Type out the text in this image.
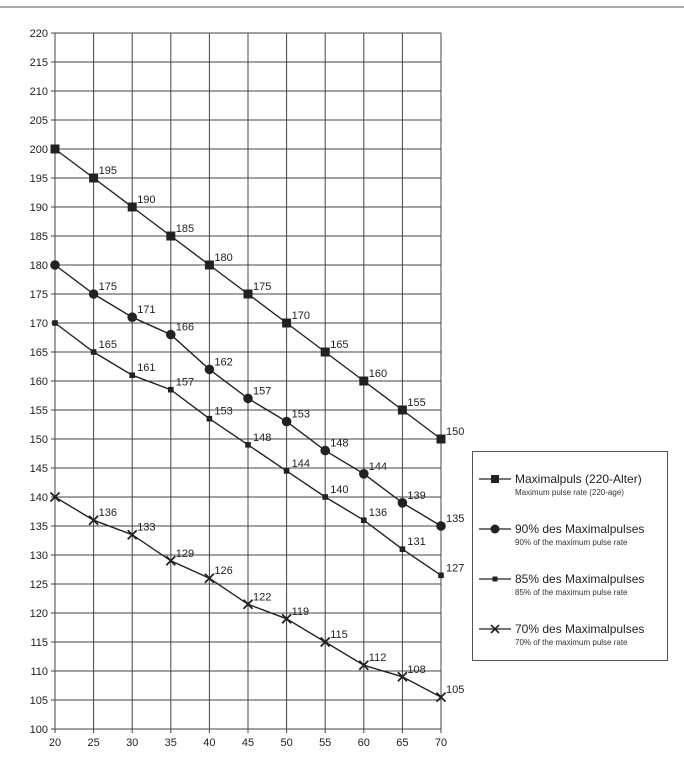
100
105
110
115
120
125
130
135
140
145
150
155
160
165
170
175
180
185
190
195
200
205
210
215
220
20 25 30 35 40 45 50 55 60 65 70
195
190
185
180
175
170
165
160
155
150
175
171
166
162
157
153
148
144
139
135
165
161
157
153
148
144
140
136
131
127
136
133
129
126
122
119
115
112
108
105
Maximalpuls (220-Alter)
Maximum pulse rate (220-age)
90% des Maximalpulses
90% of the maximum pulse rate
85% des Maximalpulses
85% of the maximum pulse rate
70% des Maximalpulses
70% of the maximum pulse rate
